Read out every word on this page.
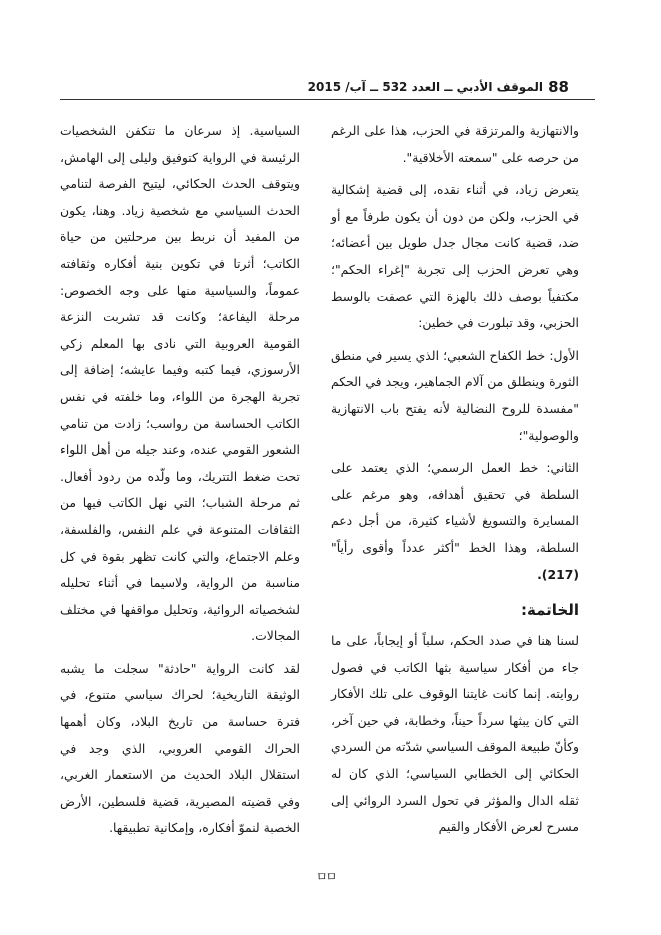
88
الموقف الأدبي ــ العدد 532 ــ آب/ 2015

والانتهازية والمرتزقة في الحزب، هذا على الرغم من حرصه على "سمعته الأخلاقية".

يتعرض زياد، في أثناء نقده، إلى قضية إشكالية في الحزب، ولكن من دون أن يكون طرفاً مع أو ضد، قضية كانت مجال جدل طويل بين أعضائه؛ وهي تعرض الحزب إلى تجربة "إغراء الحكم"؛ مكتفياً بوصف ذلك بالهزة التي عصفت بالوسط الحزبي، وقد تبلورت في خطين:

الأول: خط الكفاح الشعبي؛ الذي يسير في منطق الثورة وينطلق من آلام الجماهير، ويجد في الحكم "مفسدة للروح النضالية لأنه يفتح باب الانتهازية والوصولية"؛

الثاني: خط العمل الرسمي؛ الذي يعتمد على السلطة في تحقيق أهدافه، وهو مرغم على المسايرة والتسويغ لأشياء كثيرة، من أجل دعم السلطة، وهذا الخط "أكثر عدداً وأقوى رأياً"(217).

الخاتمة:

لسنا هنا في صدد الحكم، سلباً أو إيجاباً، على ما جاء من أفكار سياسية بثها الكاتب في فصول روايته. إنما كانت غايتنا الوقوف على تلك الأفكار التي كان يبثها سرداً حيناً، وخطابة، في حين آخر، وكأنّ طبيعة الموقف السياسي شدّته من السردي الحكائي إلى الخطابي السياسي؛ الذي كان له ثقله الدال والمؤثر في تحول السرد الروائي إلى مسرح لعرض الأفكار والقيم

السياسية. إذ سرعان ما تتكفن الشخصيات الرئيسة في الرواية كتوفيق وليلى إلى الهامش، ويتوقف الحدث الحكائي، ليتيح الفرصة لتنامي الحدث السياسي مع شخصية زياد. وهنا، يكون من المفيد أن نربط بين مرحلتين من حياة الكاتب؛ أثرتا في تكوين بنية أفكاره وثقافته عموماً، والسياسية منها على وجه الخصوص: مرحلة اليفاعة؛ وكانت قد تشربت النزعة القومية العروبية التي نادى بها المعلم زكي الأرسوزي، فيما كتبه وفيما عايشه؛ إضافة إلى تجربة الهجرة من اللواء، وما خلفته في نفس الكاتب الحساسة من رواسب؛ زادت من تنامي الشعور القومي عنده، وعند جيله من أهل اللواء تحت ضغط التتريك، وما ولّده من ردود أفعال. ثم مرحلة الشباب؛ التي نهل الكاتب فيها من الثقافات المتنوعة في علم النفس، والفلسفة، وعلم الاجتماع، والتي كانت تظهر بقوة في كل مناسبة من الرواية، ولاسيما في أثناء تحليله لشخصياته الروائية، وتحليل مواقفها في مختلف المجالات.

لقد كانت الرواية "حادثة" سجلت ما يشبه الوثيقة التاريخية؛ لحراك سياسي متنوع، في فترة حساسة من تاريخ البلاد، وكان أهمها الحراك القومي العروبي، الذي وجد في استقلال البلاد الحديث من الاستعمار الغربي، وفي قضيته المصيرية، قضية فلسطين، الأرض الخصبة لنموّ أفكاره، وإمكانية تطبيقها.

ㅁㅁ
